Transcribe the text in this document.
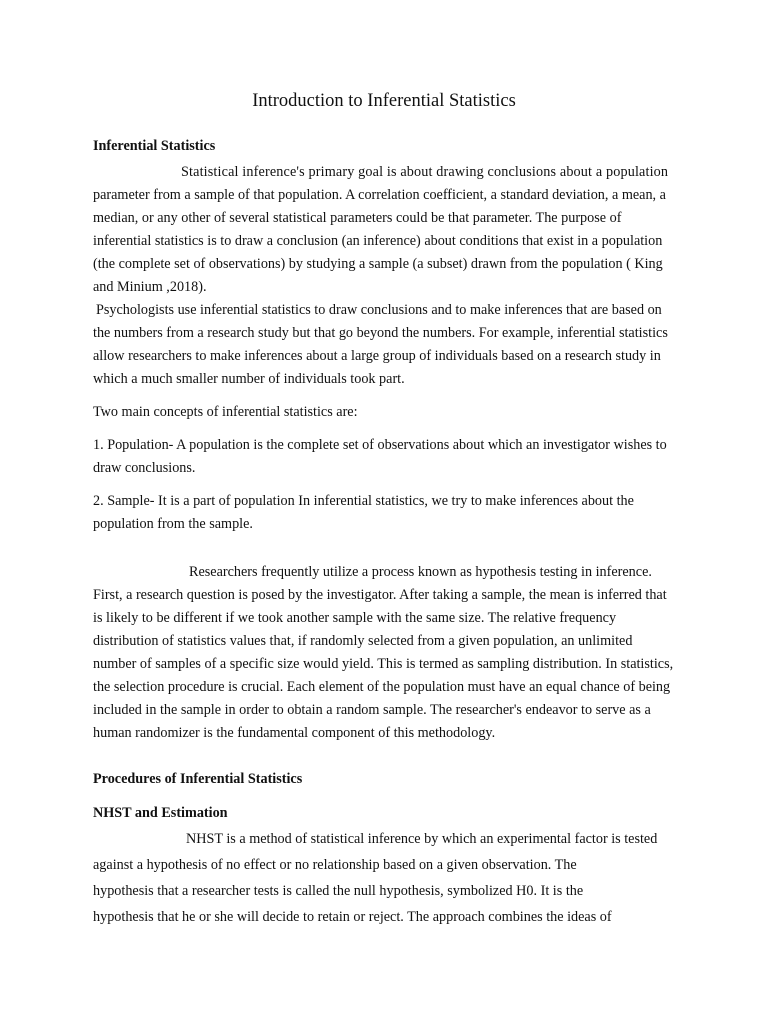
Introduction to Inferential Statistics
Inferential Statistics
Statistical inference's primary goal is about drawing conclusions about a population
parameter from a sample of that population. A correlation coefficient, a standard deviation, a mean, a
median, or any other of several statistical parameters could be that parameter. The purpose of
inferential statistics is to draw a conclusion (an inference) about conditions that exist in a population
(the complete set of observations) by studying a sample (a subset) drawn from the population ( King
and Minium ,2018).
Psychologists use inferential statistics to draw conclusions and to make inferences that are based on
the numbers from a research study but that go beyond the numbers. For example, inferential statistics
allow researchers to make inferences about a large group of individuals based on a research study in
which a much smaller number of individuals took part.
Two main concepts of inferential statistics are:
1. Population- A population is the complete set of observations about which an investigator wishes to
draw conclusions.
2. Sample- It is a part of population In inferential statistics, we try to make inferences about the
population from the sample.
Researchers frequently utilize a process known as hypothesis testing in inference.
First, a research question is posed by the investigator. After taking a sample, the mean is inferred that
is likely to be different if we took another sample with the same size. The relative frequency
distribution of statistics values that, if randomly selected from a given population, an unlimited
number of samples of a specific size would yield. This is termed as sampling distribution. In statistics,
the selection procedure is crucial. Each element of the population must have an equal chance of being
included in the sample in order to obtain a random sample. The researcher's endeavor to serve as a
human randomizer is the fundamental component of this methodology.
Procedures of Inferential Statistics
NHST and Estimation
NHST is a method of statistical inference by which an experimental factor is tested
against a hypothesis of no effect or no relationship based on a given observation. The
hypothesis that a researcher tests is called the null hypothesis, symbolized H0. It is the
hypothesis that he or she will decide to retain or reject. The approach combines the ideas of
